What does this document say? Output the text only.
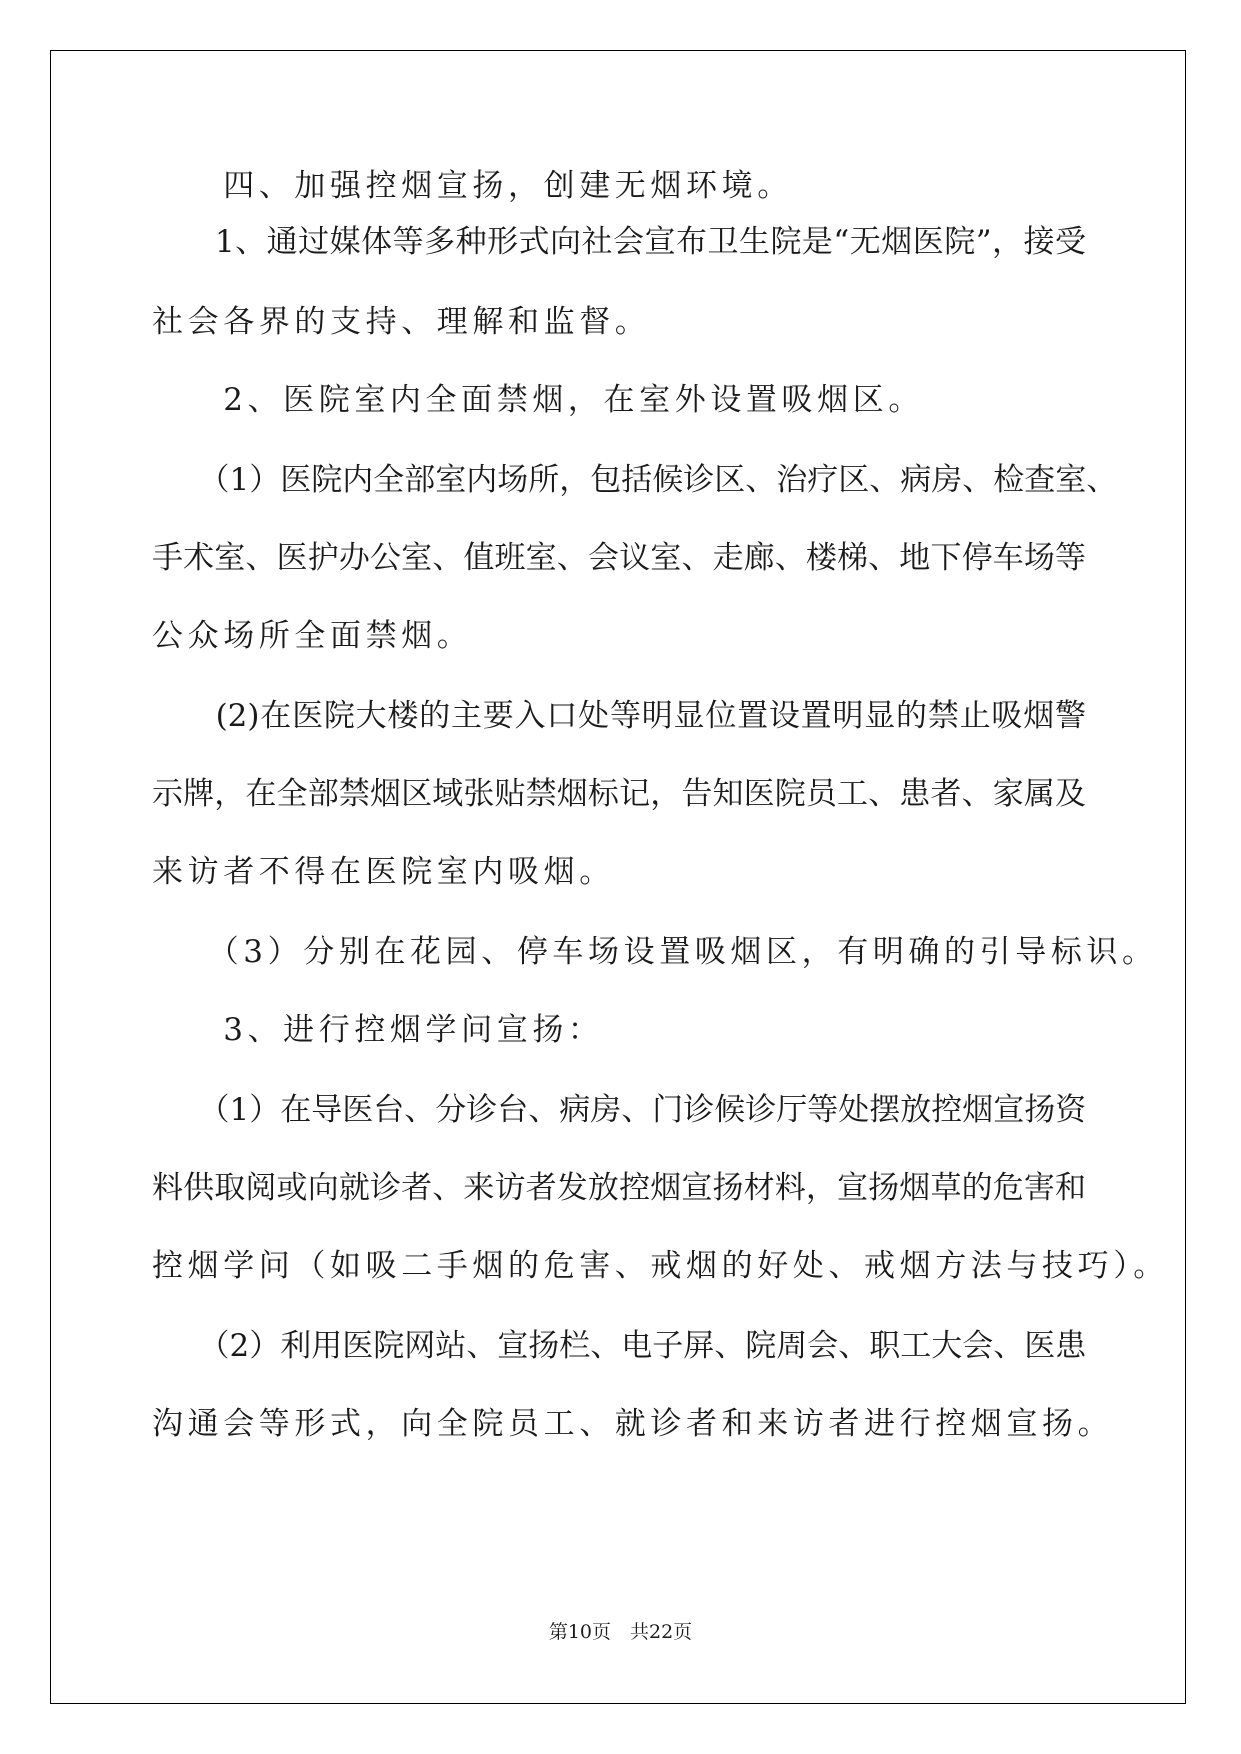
　　四、加强控烟宣扬，创建无烟环境。
　　1、通过媒体等多种形式向社会宣布卫生院是“无烟医院”，接受
社会各界的支持、理解和监督。
　　2、医院室内全面禁烟，在室外设置吸烟区。
　　（1）医院内全部室内场所，包括候诊区、治疗区、病房、检查室、
手术室、医护办公室、值班室、会议室、走廊、楼梯、地下停车场等
公众场所全面禁烟。
　　(2)在医院大楼的主要入口处等明显位置设置明显的禁止吸烟警
示牌，在全部禁烟区域张贴禁烟标记，告知医院员工、患者、家属及
来访者不得在医院室内吸烟。
　　（3）分别在花园、停车场设置吸烟区，有明确的引导标识。
　　3、进行控烟学问宣扬：
　　（1）在导医台、分诊台、病房、门诊候诊厅等处摆放控烟宣扬资
料供取阅或向就诊者、来访者发放控烟宣扬材料，宣扬烟草的危害和
控烟学问（如吸二手烟的危害、戒烟的好处、戒烟方法与技巧）。
　　（2）利用医院网站、宣扬栏、电子屏、院周会、职工大会、医患
沟通会等形式，向全院员工、就诊者和来访者进行控烟宣扬。
第10页　共22页
